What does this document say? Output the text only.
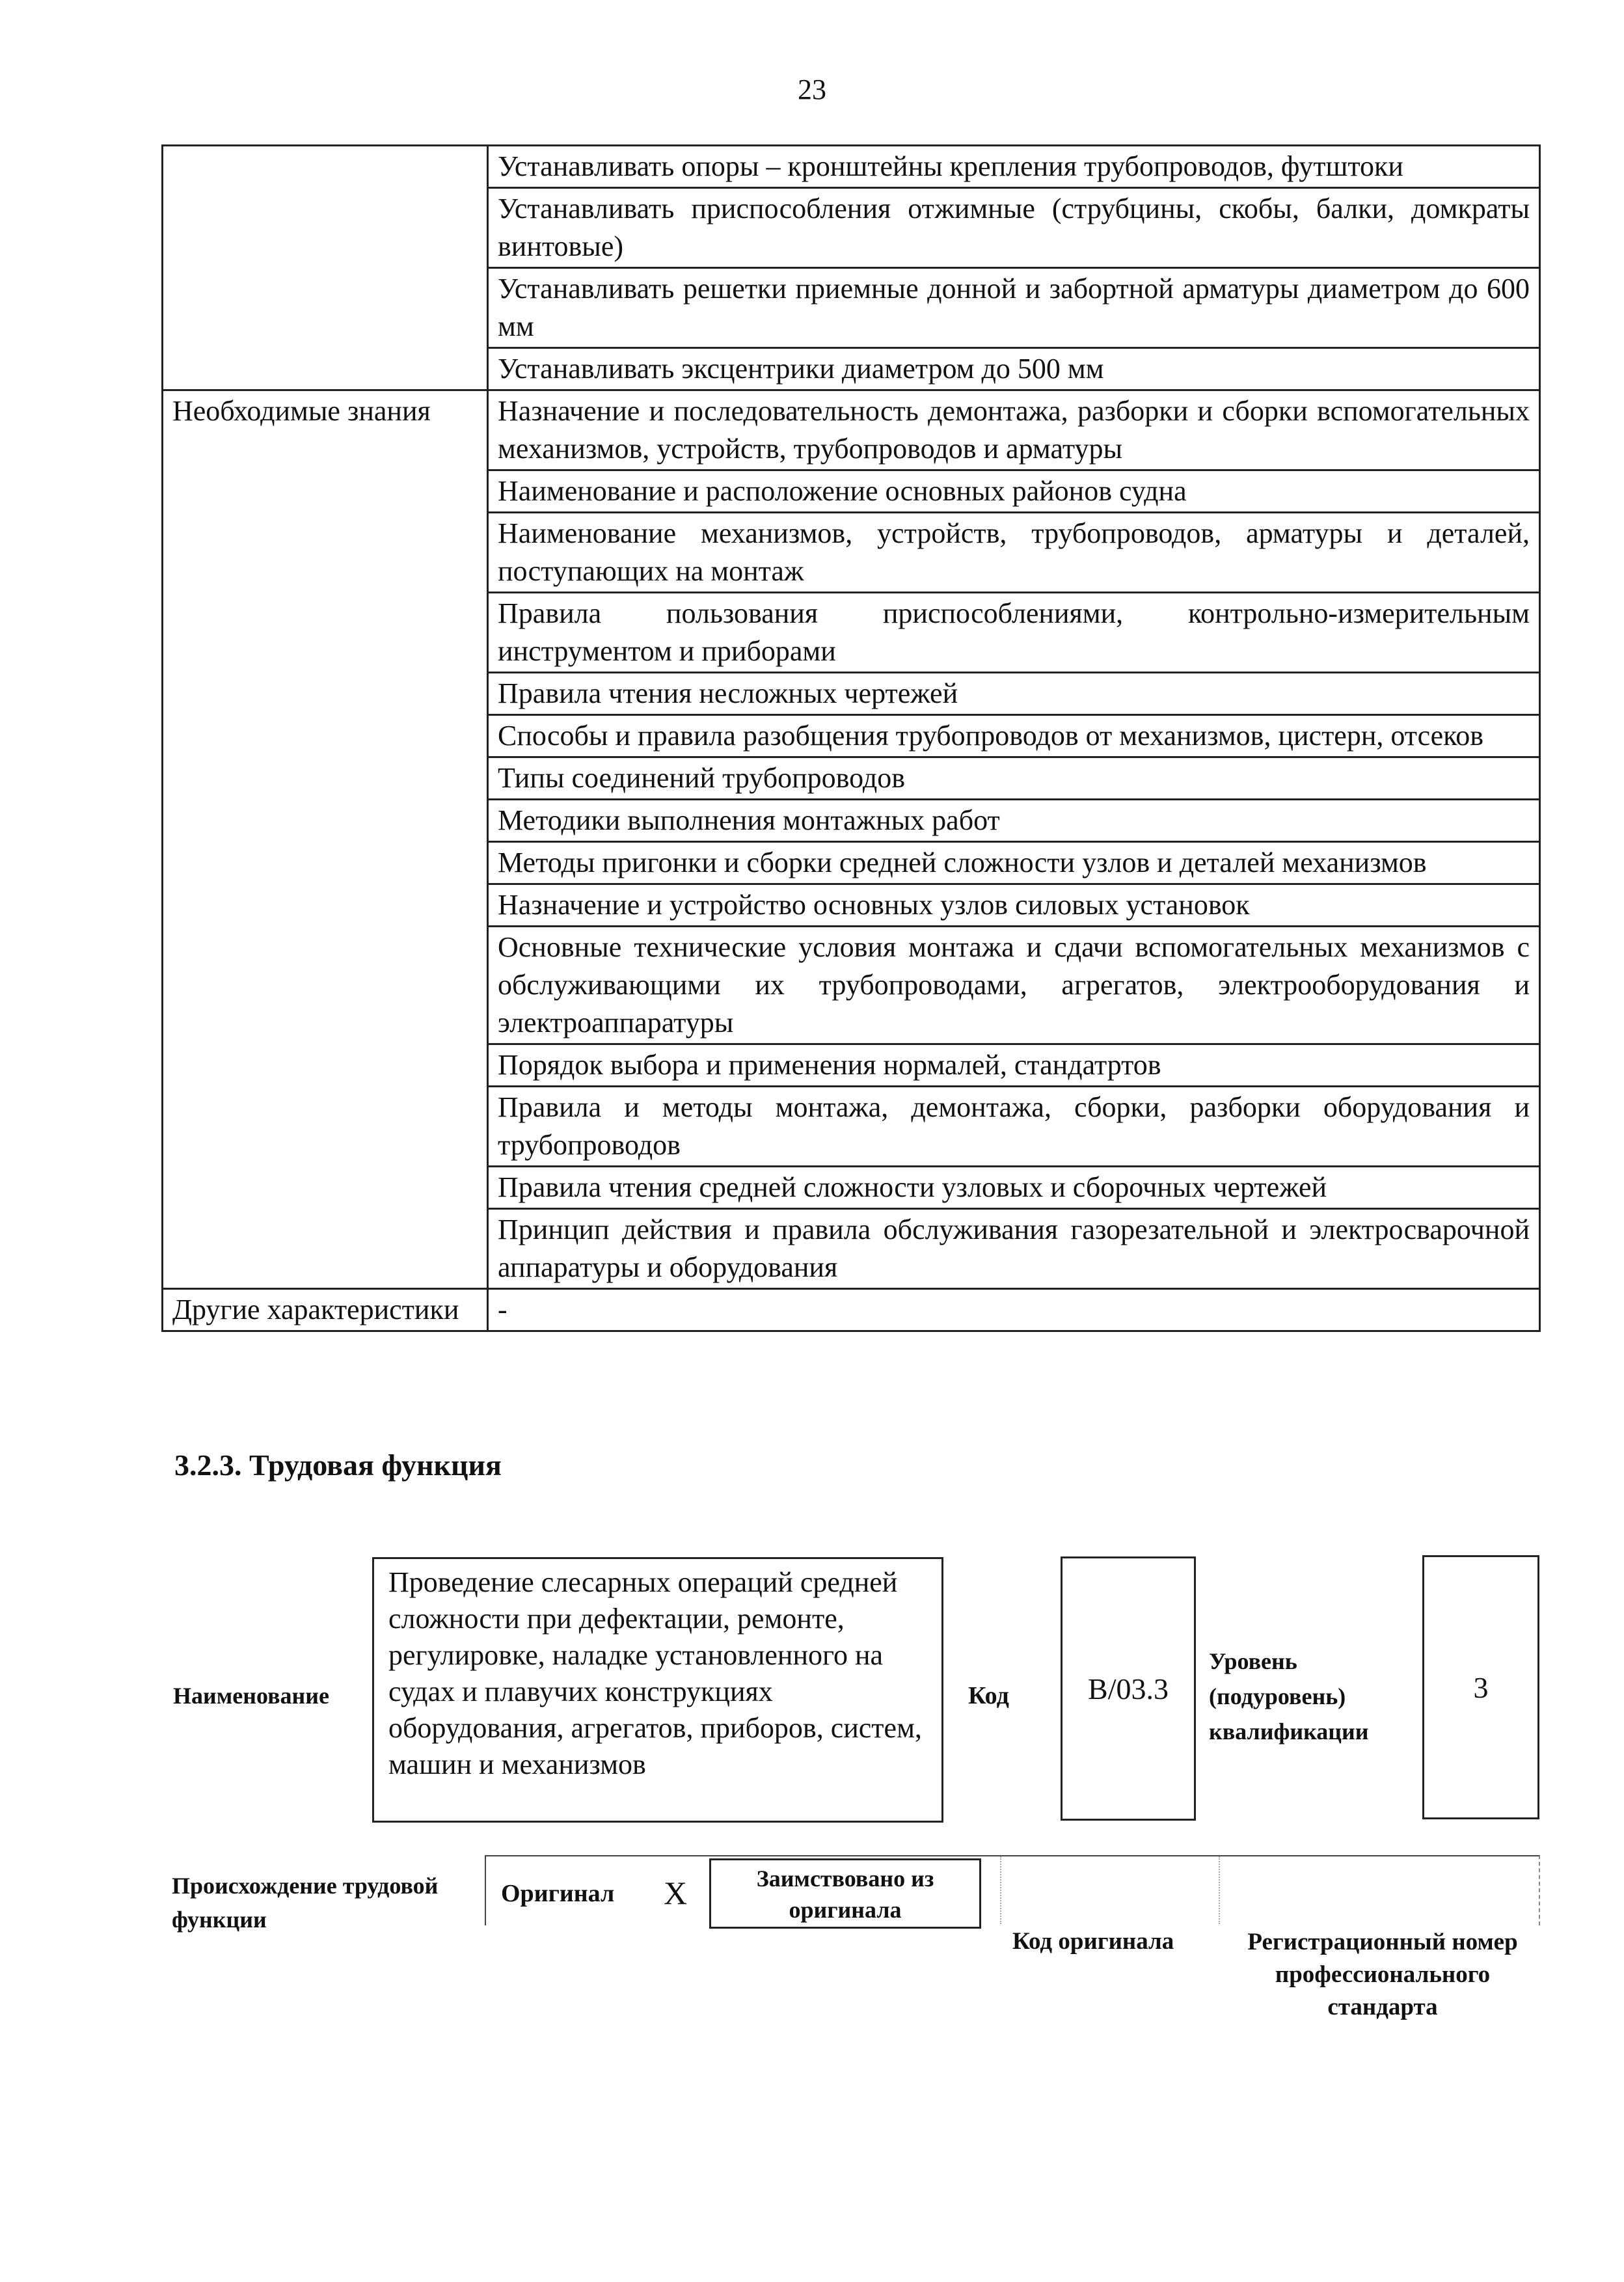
23
	Устанавливать опоры – кронштейны крепления трубопроводов, футштоки
	Устанавливать приспособления отжимные (струбцины, скобы, балки, домкраты винтовые)
	Устанавливать решетки приемные донной и забортной арматуры диаметром до 600 мм
	Устанавливать эксцентрики диаметром до 500 мм
Необходимые знания	Назначение и последовательность демонтажа, разборки и сборки вспомогательных механизмов, устройств, трубопроводов и арматуры
	Наименование и расположение основных районов судна
	Наименование механизмов, устройств, трубопроводов, арматуры и деталей, поступающих на монтаж
	Правила пользования приспособлениями, контрольно-измерительным инструментом и приборами
	Правила чтения несложных чертежей
	Способы и правила разобщения трубопроводов от механизмов, цистерн, отсеков
	Типы соединений трубопроводов
	Методики выполнения монтажных работ
	Методы пригонки и сборки средней сложности узлов и деталей механизмов
	Назначение и устройство основных узлов силовых установок
	Основные технические условия монтажа и сдачи вспомогательных механизмов с обслуживающими их трубопроводами, агрегатов, электрооборудования и электроаппаратуры
	Порядок выбора и применения нормалей, стандатртов
	Правила и методы монтажа, демонтажа, сборки, разборки оборудования и трубопроводов
	Правила чтения средней сложности узловых и сборочных чертежей
	Принцип действия и правила обслуживания газорезательной и электросварочной аппаратуры и оборудования
Другие характеристики	-
3.2.3. Трудовая функция
Наименование
Проведение слесарных операций средней сложности при дефектации, ремонте, регулировке, наладке установленного на судах и плавучих конструкциях оборудования, агрегатов, приборов, систем, машин и механизмов
Код	B/03.3
Уровень (подуровень) квалификации
3
Происхождение трудовой функции
Оригинал X	Заимствовано из оригинала
Код оригинала	Регистрационный номер профессионального стандарта
